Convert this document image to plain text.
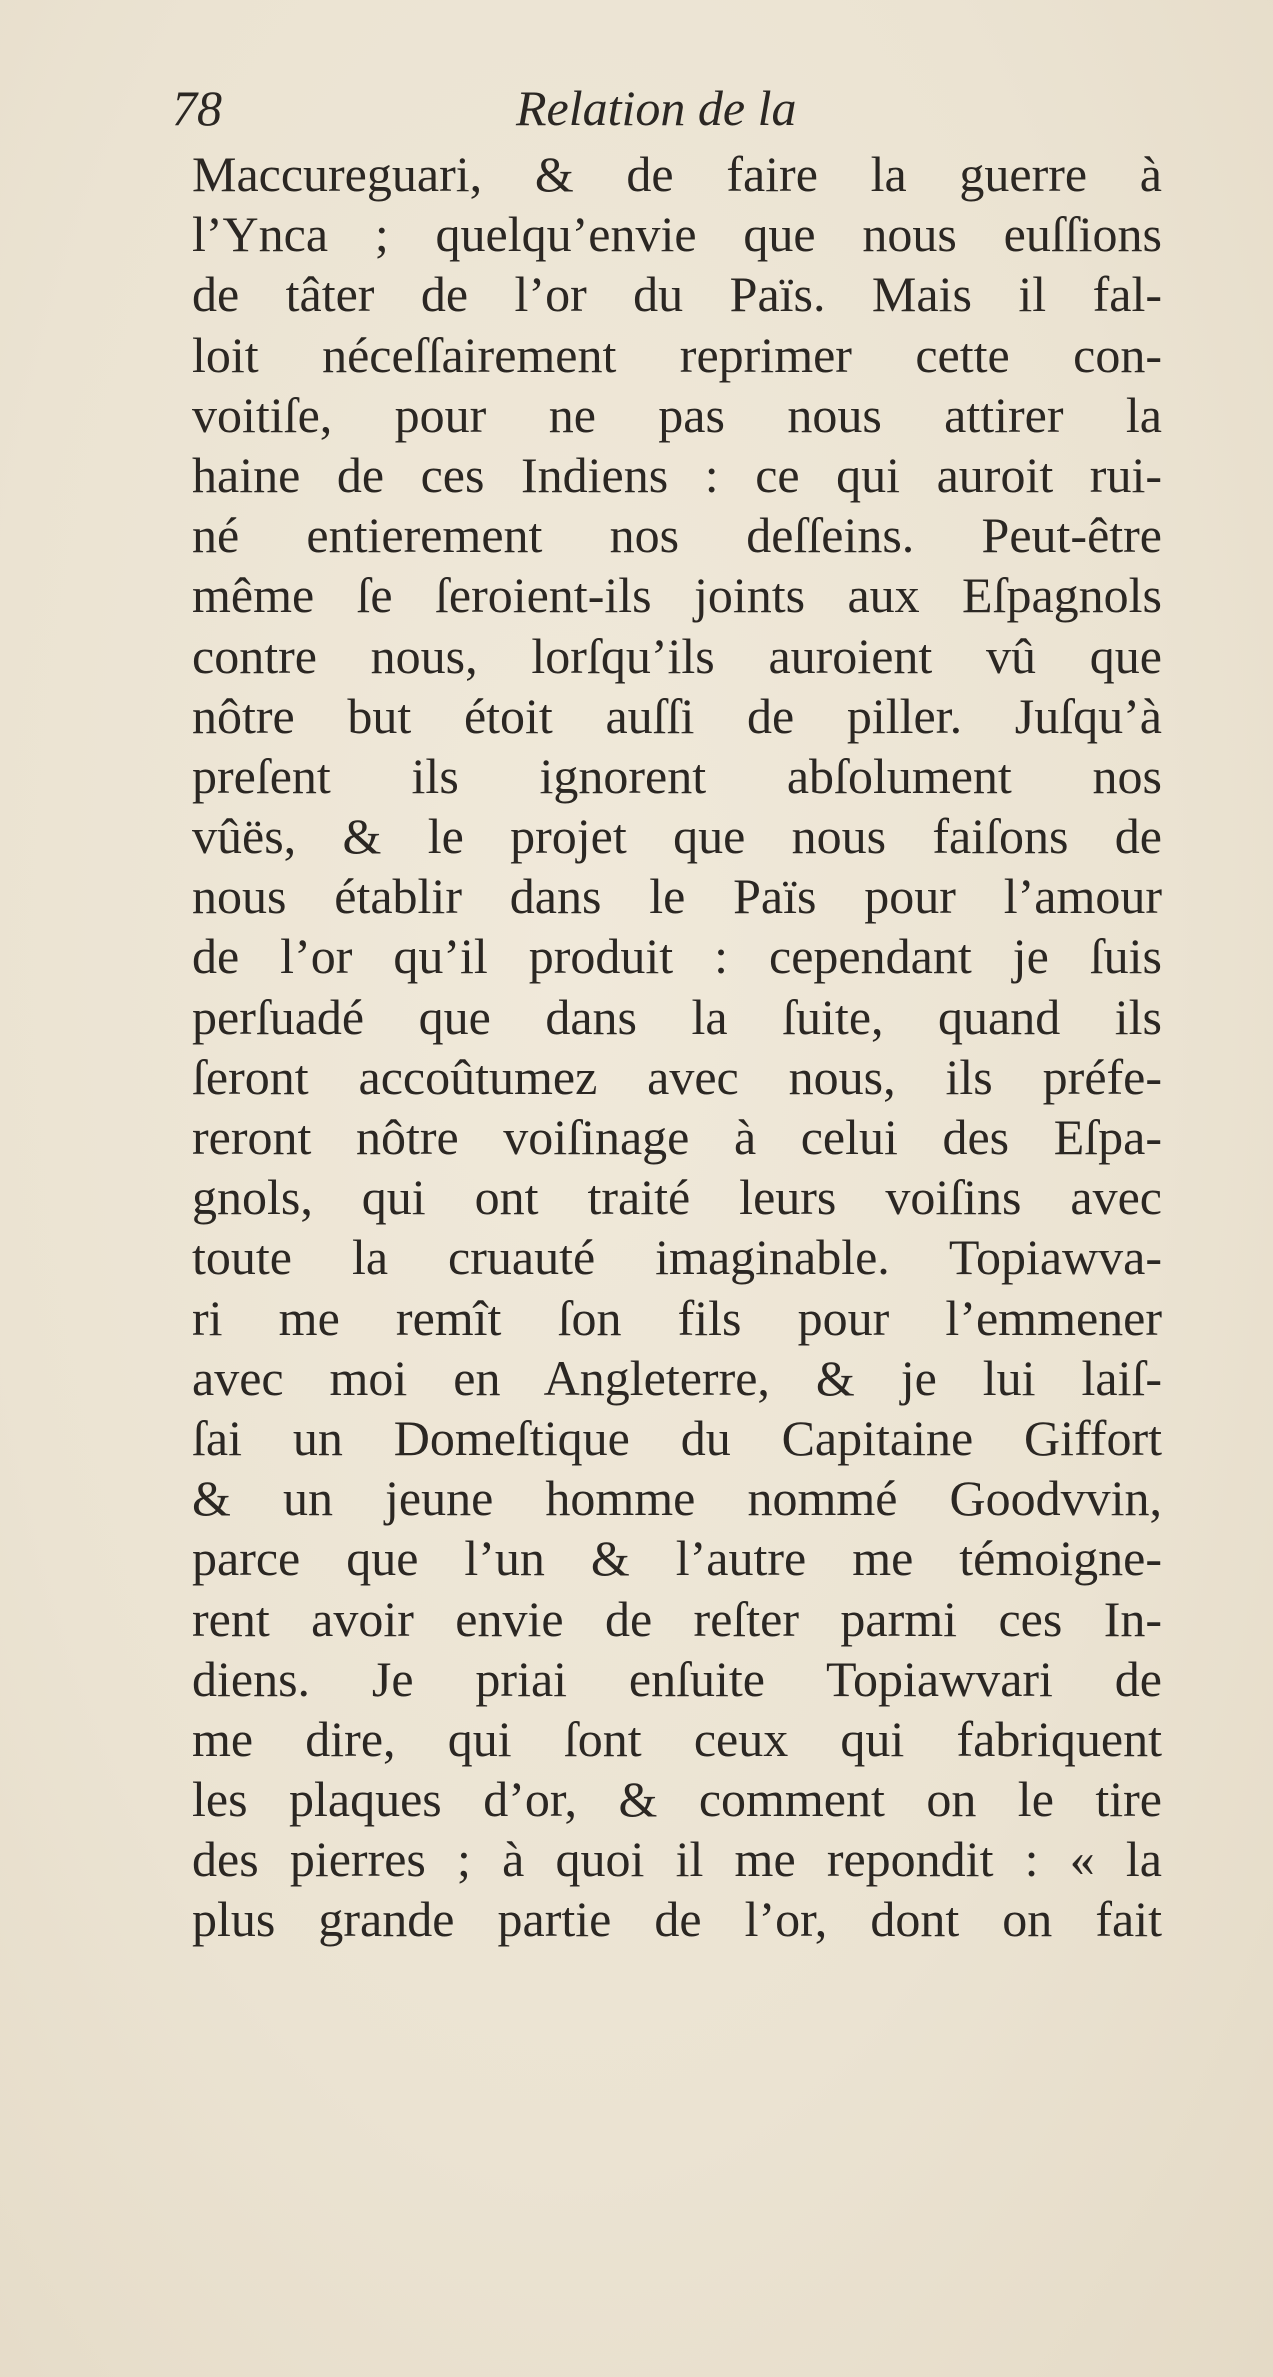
78	Relation de la
Maccureguari, & de faire la guerre à
l’Ynca ; quelqu’envie que nous euſſions
de tâter de l’or du Païs. Mais il fal-
loit néceſſairement reprimer cette con-
voitiſe, pour ne pas nous attirer la
haine de ces Indiens : ce qui auroit rui-
né entierement nos deſſeins. Peut-être
même ſe ſeroient-ils joints aux Eſpagnols
contre nous, lorſqu’ils auroient vû que
nôtre but étoit auſſi de piller. Juſqu’à
preſent ils ignorent abſolument nos
vûës, & le projet que nous faiſons de
nous établir dans le Païs pour l’amour
de l’or qu’il produit : cependant je ſuis
perſuadé que dans la ſuite, quand ils
ſeront accoûtumez avec nous, ils préfe-
reront nôtre voiſinage à celui des Eſpa-
gnols, qui ont traité leurs voiſins avec
toute la cruauté imaginable. Topiawva-
ri me remît ſon fils pour l’emmener
avec moi en Angleterre, & je lui laiſ-
ſai un Domeſtique du Capitaine Giffort
& un jeune homme nommé Goodvvin,
parce que l’un & l’autre me témoigne-
rent avoir envie de reſter parmi ces In-
diens. Je priai enſuite Topiawvari de
me dire, qui ſont ceux qui fabriquent
les plaques d’or, & comment on le tire
des pierres ; à quoi il me repondit : « la
plus grande partie de l’or, dont on fait
